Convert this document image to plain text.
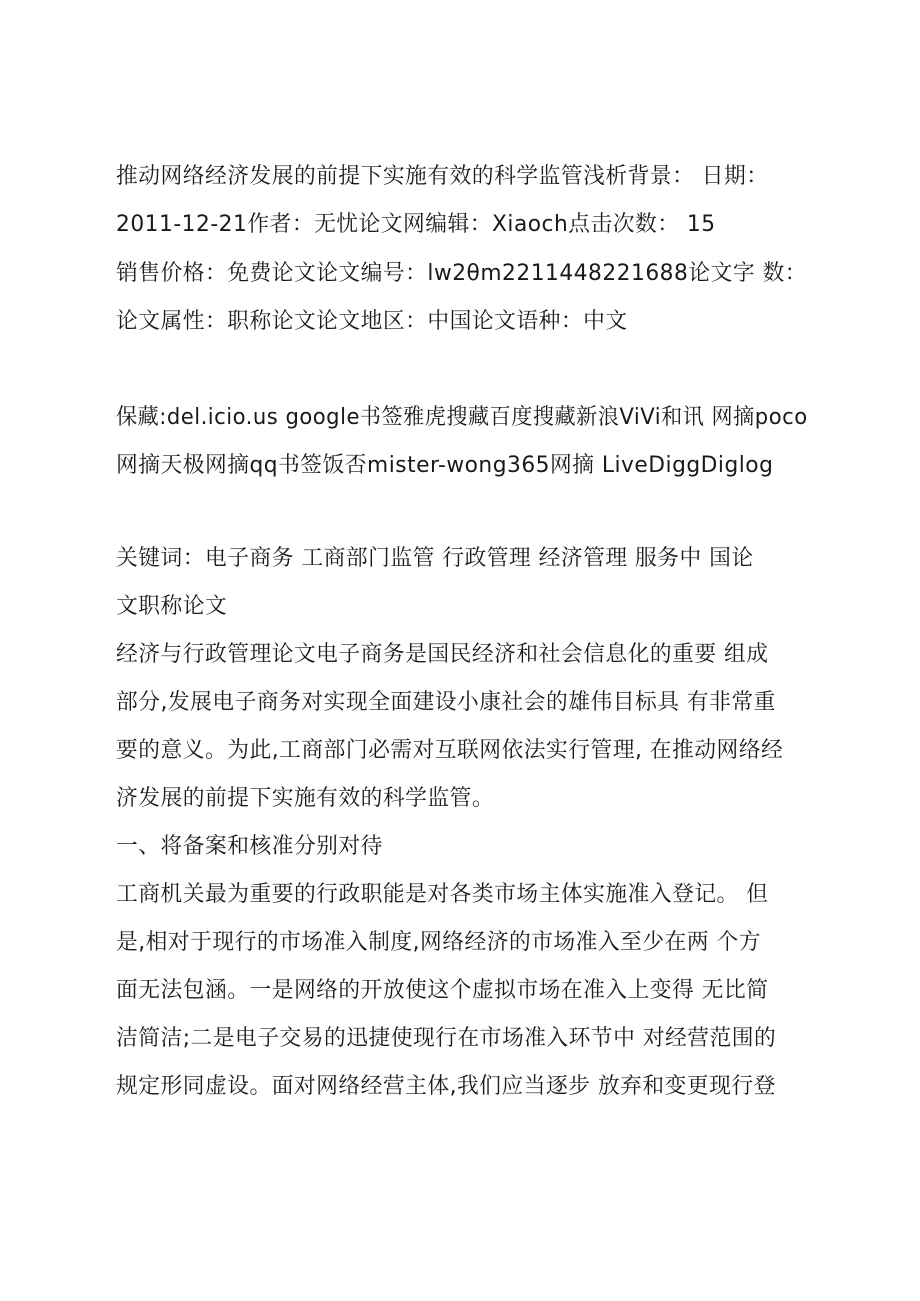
推动网络经济发展的前提下实施有效的科学监管浅析背景： 日期：
2011-12-21作者：无忧论文网编辑：Xiaoch点击次数： 15
销售价格：免费论文论文编号：lw2θm2211448221688论文字 数：
论文属性：职称论文论文地区：中国论文语种：中文
保藏:del.icio.us google书签雅虎搜藏百度搜藏新浪ViVi和讯 网摘poco
网摘天极网摘qq书签饭否mister-wong365网摘 LiveDiggDiglog
关键词：电子商务 工商部门监管 行政管理 经济管理 服务中 国论
文职称论文
经济与行政管理论文电子商务是国民经济和社会信息化的重要 组成
部分,发展电子商务对实现全面建设小康社会的雄伟目标具 有非常重
要的意义。为此,工商部门必需对互联网依法实行管理, 在推动网络经
济发展的前提下实施有效的科学监管。
一、将备案和核准分别对待
工商机关最为重要的行政职能是对各类市场主体实施准入登记。 但
是,相对于现行的市场准入制度,网络经济的市场准入至少在两 个方
面无法包涵。一是网络的开放使这个虚拟市场在准入上变得 无比简
洁简洁;二是电子交易的迅捷使现行在市场准入环节中 对经营范围的
规定形同虚设。面对网络经营主体,我们应当逐步 放弃和变更现行登
